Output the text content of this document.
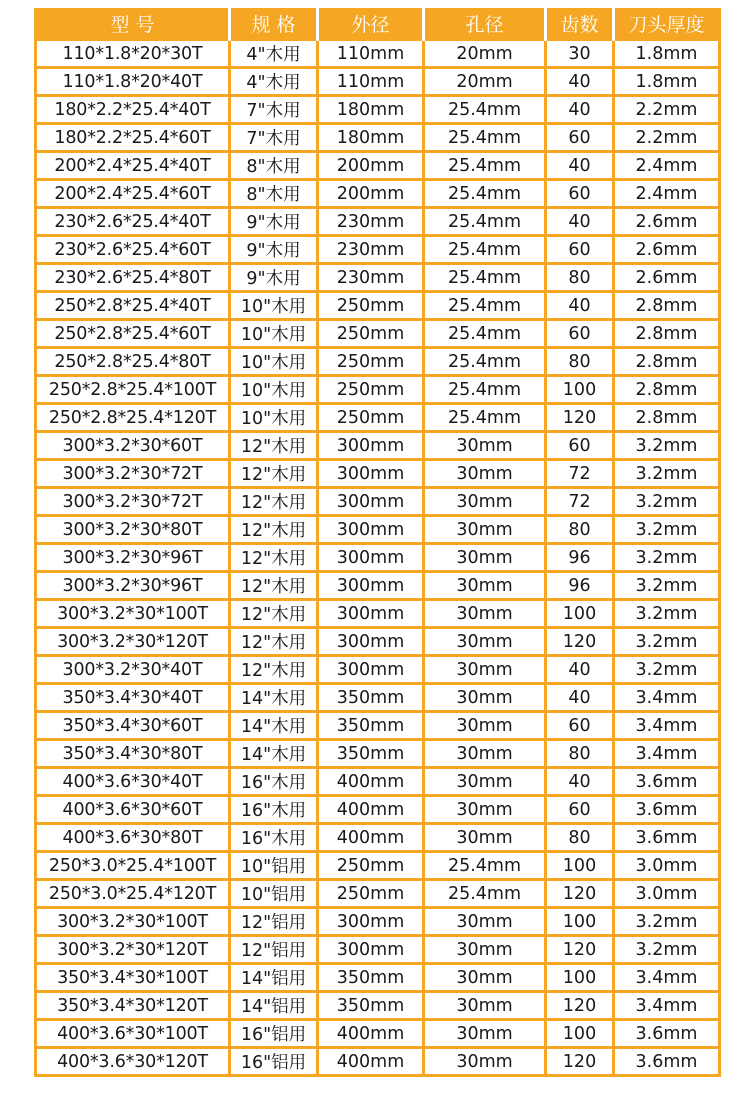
型 号	规 格	外径	孔径	齿数	刀头厚度
110*1.8*20*30T	4"木用	110mm	20mm	30	1.8mm
110*1.8*20*40T	4"木用	110mm	20mm	40	1.8mm
180*2.2*25.4*40T	7"木用	180mm	25.4mm	40	2.2mm
180*2.2*25.4*60T	7"木用	180mm	25.4mm	60	2.2mm
200*2.4*25.4*40T	8"木用	200mm	25.4mm	40	2.4mm
200*2.4*25.4*60T	8"木用	200mm	25.4mm	60	2.4mm
230*2.6*25.4*40T	9"木用	230mm	25.4mm	40	2.6mm
230*2.6*25.4*60T	9"木用	230mm	25.4mm	60	2.6mm
230*2.6*25.4*80T	9"木用	230mm	25.4mm	80	2.6mm
250*2.8*25.4*40T	10"木用	250mm	25.4mm	40	2.8mm
250*2.8*25.4*60T	10"木用	250mm	25.4mm	60	2.8mm
250*2.8*25.4*80T	10"木用	250mm	25.4mm	80	2.8mm
250*2.8*25.4*100T	10"木用	250mm	25.4mm	100	2.8mm
250*2.8*25.4*120T	10"木用	250mm	25.4mm	120	2.8mm
300*3.2*30*60T	12"木用	300mm	30mm	60	3.2mm
300*3.2*30*72T	12"木用	300mm	30mm	72	3.2mm
300*3.2*30*72T	12"木用	300mm	30mm	72	3.2mm
300*3.2*30*80T	12"木用	300mm	30mm	80	3.2mm
300*3.2*30*96T	12"木用	300mm	30mm	96	3.2mm
300*3.2*30*96T	12"木用	300mm	30mm	96	3.2mm
300*3.2*30*100T	12"木用	300mm	30mm	100	3.2mm
300*3.2*30*120T	12"木用	300mm	30mm	120	3.2mm
300*3.2*30*40T	12"木用	300mm	30mm	40	3.2mm
350*3.4*30*40T	14"木用	350mm	30mm	40	3.4mm
350*3.4*30*60T	14"木用	350mm	30mm	60	3.4mm
350*3.4*30*80T	14"木用	350mm	30mm	80	3.4mm
400*3.6*30*40T	16"木用	400mm	30mm	40	3.6mm
400*3.6*30*60T	16"木用	400mm	30mm	60	3.6mm
400*3.6*30*80T	16"木用	400mm	30mm	80	3.6mm
250*3.0*25.4*100T	10"铝用	250mm	25.4mm	100	3.0mm
250*3.0*25.4*120T	10"铝用	250mm	25.4mm	120	3.0mm
300*3.2*30*100T	12"铝用	300mm	30mm	100	3.2mm
300*3.2*30*120T	12"铝用	300mm	30mm	120	3.2mm
350*3.4*30*100T	14"铝用	350mm	30mm	100	3.4mm
350*3.4*30*120T	14"铝用	350mm	30mm	120	3.4mm
400*3.6*30*100T	16"铝用	400mm	30mm	100	3.6mm
400*3.6*30*120T	16"铝用	400mm	30mm	120	3.6mm
